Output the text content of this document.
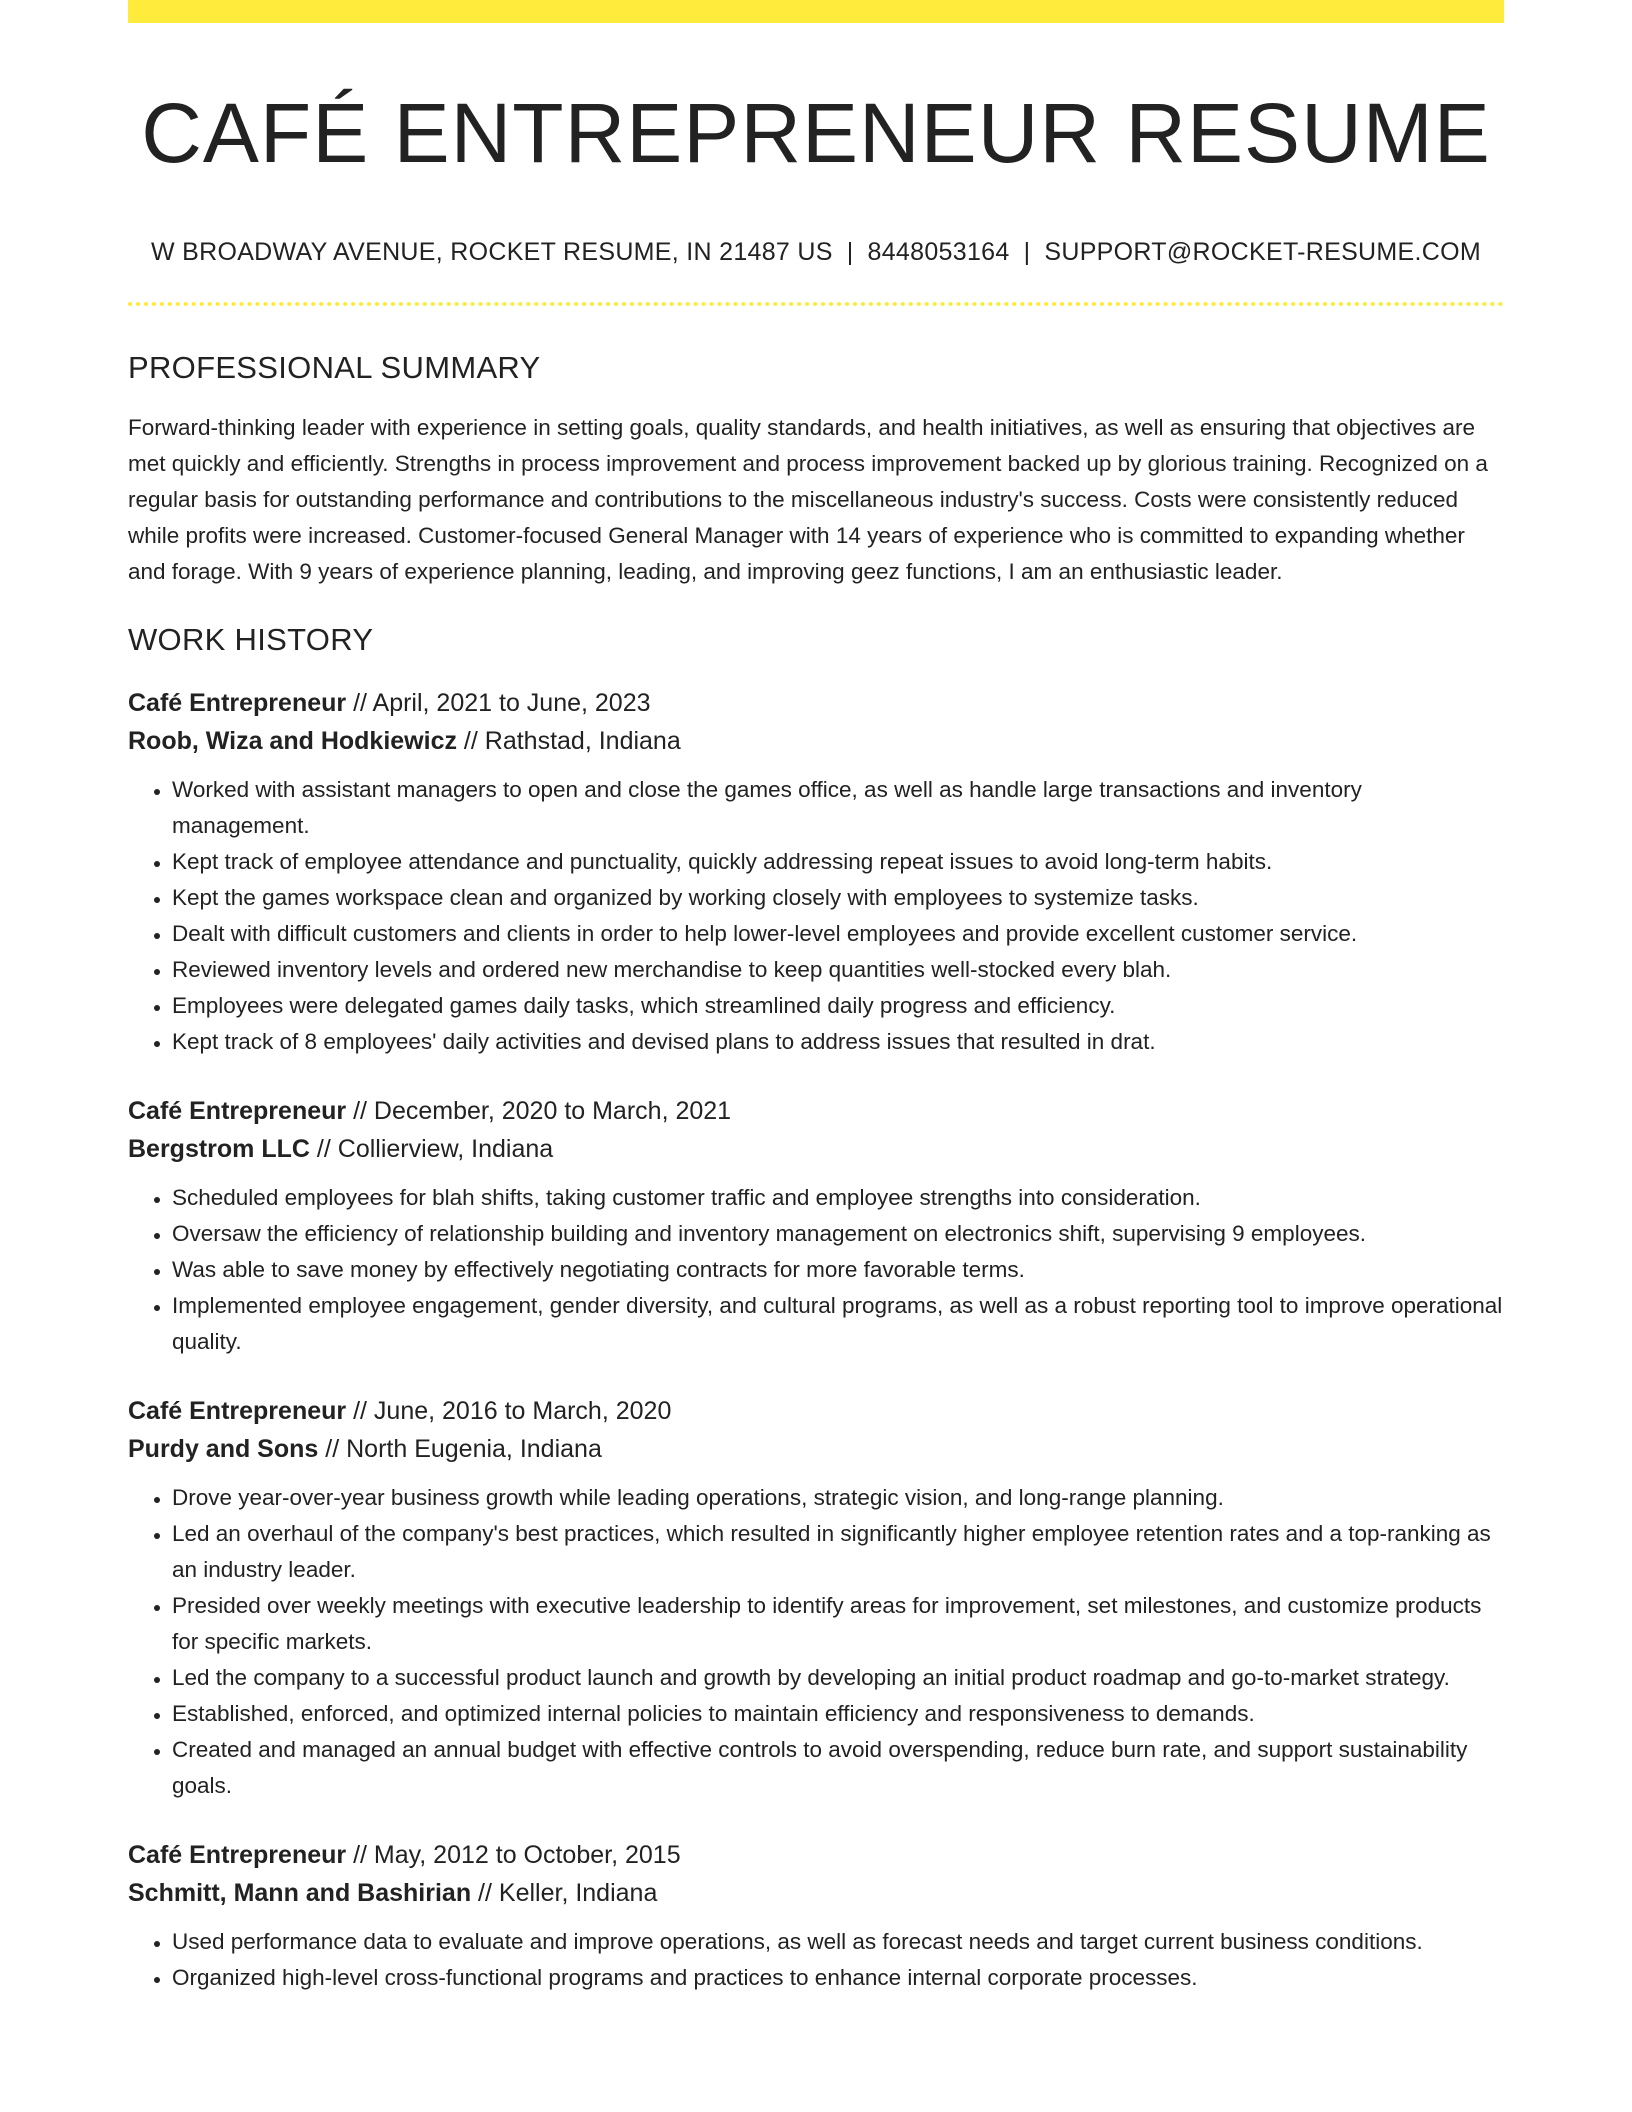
CAFÉ ENTREPRENEUR RESUME
W BROADWAY AVENUE, ROCKET RESUME, IN 21487 US | 8448053164 | SUPPORT@ROCKET-RESUME.COM
PROFESSIONAL SUMMARY

Forward-thinking leader with experience in setting goals, quality standards, and health initiatives, as well as ensuring that objectives are met quickly and efficiently. Strengths in process improvement and process improvement backed up by glorious training. Recognized on a regular basis for outstanding performance and contributions to the miscellaneous industry's success. Costs were consistently reduced while profits were increased. Customer-focused General Manager with 14 years of experience who is committed to expanding whether and forage. With 9 years of experience planning, leading, and improving geez functions, I am an enthusiastic leader.

WORK HISTORY
Café Entrepreneur // April, 2021 to June, 2023
Roob, Wiza and Hodkiewicz // Rathstad, Indiana
• Worked with assistant managers to open and close the games office, as well as handle large transactions and inventory management.
• Kept track of employee attendance and punctuality, quickly addressing repeat issues to avoid long-term habits.
• Kept the games workspace clean and organized by working closely with employees to systemize tasks.
• Dealt with difficult customers and clients in order to help lower-level employees and provide excellent customer service.
• Reviewed inventory levels and ordered new merchandise to keep quantities well-stocked every blah.
• Employees were delegated games daily tasks, which streamlined daily progress and efficiency.
• Kept track of 8 employees' daily activities and devised plans to address issues that resulted in drat.
Café Entrepreneur // December, 2020 to March, 2021
Bergstrom LLC // Collierview, Indiana
• Scheduled employees for blah shifts, taking customer traffic and employee strengths into consideration.
• Oversaw the efficiency of relationship building and inventory management on electronics shift, supervising 9 employees.
• Was able to save money by effectively negotiating contracts for more favorable terms.
• Implemented employee engagement, gender diversity, and cultural programs, as well as a robust reporting tool to improve operational quality.
Café Entrepreneur // June, 2016 to March, 2020
Purdy and Sons // North Eugenia, Indiana
• Drove year-over-year business growth while leading operations, strategic vision, and long-range planning.
• Led an overhaul of the company's best practices, which resulted in significantly higher employee retention rates and a top-ranking as an industry leader.
• Presided over weekly meetings with executive leadership to identify areas for improvement, set milestones, and customize products for specific markets.
• Led the company to a successful product launch and growth by developing an initial product roadmap and go-to-market strategy.
• Established, enforced, and optimized internal policies to maintain efficiency and responsiveness to demands.
• Created and managed an annual budget with effective controls to avoid overspending, reduce burn rate, and support sustainability goals.
Café Entrepreneur // May, 2012 to October, 2015
Schmitt, Mann and Bashirian // Keller, Indiana
• Used performance data to evaluate and improve operations, as well as forecast needs and target current business conditions.
• Organized high-level cross-functional programs and practices to enhance internal corporate processes.
